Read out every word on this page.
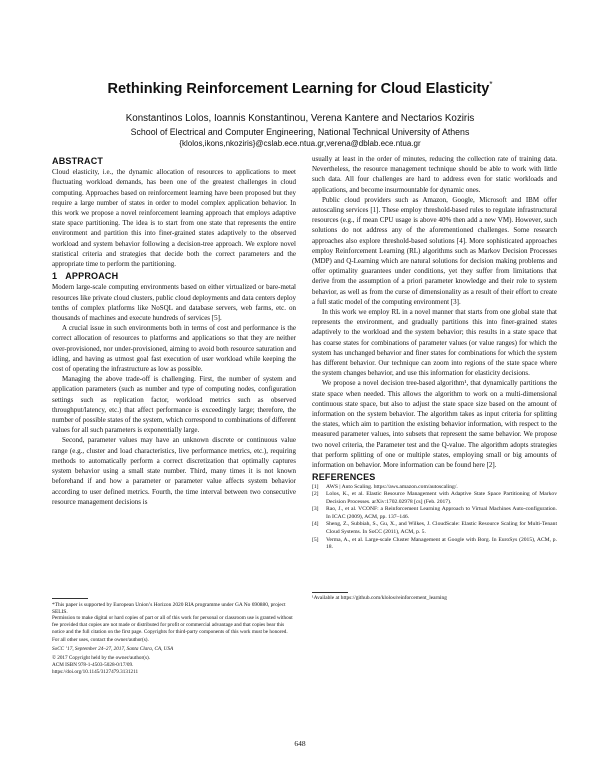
Rethinking Reinforcement Learning for Cloud Elasticity*
Konstantinos Lolos, Ioannis Konstantinou, Verena Kantere and Nectarios Koziris
School of Electrical and Computer Engineering, National Technical University of Athens
{klolos,ikons,nkoziris}@cslab.ece.ntua.gr,verena@dblab.ece.ntua.gr
ABSTRACT

Cloud elasticity, i.e., the dynamic allocation of resources to applications to meet fluctuating workload demands, has been one of the greatest challenges in cloud computing. Approaches based on reinforcement learning have been proposed but they require a large number of states in order to model complex application behavior. In this work we propose a novel reinforcement learning approach that employs adaptive state space partitioning. The idea is to start from one state that represents the entire environment and partition this into finer-grained states adaptively to the observed workload and system behavior following a decision-tree approach. We explore novel statistical criteria and strategies that decide both the correct parameters and the appropriate time to perform the partitioning.

1 APPROACH

Modern large-scale computing environments based on either virtualized or bare-metal resources like private cloud clusters, public cloud deployments and data centers deploy tenths of complex platforms like NoSQL and database servers, web farms, etc. on thousands of machines and execute hundreds of services [5].

A crucial issue in such environments both in terms of cost and performance is the correct allocation of resources to platforms and applications so that they are neither over-provisioned, nor under-provisioned, aiming to avoid both resource saturation and idling, and having as utmost goal fast execution of user workload while keeping the cost of operating the infrastructure as low as possible.

Managing the above trade-off is challenging. First, the number of system and application parameters (such as number and type of computing nodes, configuration settings such as replication factor, workload metrics such as observed throughput/latency, etc.) that affect performance is exceedingly large; therefore, the number of possible states of the system, which correspond to combinations of different values for all such parameters is exponentially large.

Second, parameter values may have an unknown discrete or continuous value range (e.g., cluster and load characteristics, live performance metrics, etc.), requiring methods to automatically perform a correct discretization that optimally captures system behavior using a small state number. Third, many times it is not known beforehand if and how a parameter or parameter value affects system behavior according to user defined metrics. Fourth, the time interval between two consecutive resource management decisions is

*This paper is supported by European Union’s Horizon 2020 RIA programme under GA No 690880, project SELIS.

Permission to make digital or hard copies of part or all of this work for personal or classroom use is granted without fee provided that copies are not made or distributed for profit or commercial advantage and that copies bear this notice and the full citation on the first page. Copyrights for third-party components of this work must be honored. For all other uses, contact the owner/author(s).

SoCC ’17, September 24–27, 2017, Santa Clara, CA, USA

© 2017 Copyright held by the owner/author(s).

ACM ISBN 978-1-4503-5028-0/17/09.

https://doi.org/10.1145/3127479.3131211

usually at least in the order of minutes, reducing the collection rate of training data. Nevertheless, the resource management technique should be able to work with little such data. All four challenges are hard to address even for static workloads and applications, and become insurmountable for dynamic ones.

Public cloud providers such as Amazon, Google, Microsoft and IBM offer autoscaling services [1]. These employ threshold-based rules to regulate infrastructural resources (e.g., if mean CPU usage is above 40% then add a new VM). However, such solutions do not address any of the aforementioned challenges. Some research approaches also explore threshold-based solutions [4]. More sophisticated approaches employ Reinforcement Learning (RL) algorithms such as Markov Decision Processes (MDP) and Q-Learning which are natural solutions for decision making problems and offer optimality guarantees under conditions, yet they suffer from limitations that derive from the assumption of a priori parameter knowledge and their role to system behavior, as well as from the curse of dimensionality as a result of their effort to create a full static model of the computing environment [3].

In this work we employ RL in a novel manner that starts from one global state that represents the environment, and gradually partitions this into finer-grained states adaptively to the workload and the system behavior; this results in a state space that has coarse states for combinations of parameter values (or value ranges) for which the system has unchanged behavior and finer states for combinations for which the system has different behavior. Our technique can zoom into regions of the state space where the system changes behavior, and use this information for elasticity decisions.

We propose a novel decision tree-based algorithm¹, that dynamically partitions the state space when needed. This allows the algorithm to work on a multi-dimensional continuous state space, but also to adjust the state space size based on the amount of information on the system behavior. The algorithm takes as input criteria for splitting the states, which aim to partition the existing behavior information, with respect to the measured parameter values, into subsets that represent the same behavior. We propose two novel criteria, the Parameter test and the Q-value. The algorithm adopts strategies that perform splitting of one or multiple states, employing small or big amounts of information on behavior. More information can be found here [2].

REFERENCES
[1]	AWS | Auto Scaling. https://aws.amazon.com/autoscaling/.
[2]	Lolos, K., et al. Elastic Resource Management with Adaptive State Space Partitioning of Markov Decision Processes. arXiv:1702.02978 [cs] (Feb. 2017).
[3]	Rao, J., et al. VCONF: a Reinforcement Learning Approach to Virtual Machines Auto-configuration. In ICAC (2009), ACM, pp. 137–146.
[4]	Sheng, Z., Subbiah, S., Gu, X., and Wilkes, J. CloudScale: Elastic Resource Scaling for Multi-Tenant Cloud Systems. In SoCC (2011), ACM, p. 5.
[5]	Verma, A., et al. Large-scale Cluster Management at Google with Borg. In EuroSys (2015), ACM, p. 18.
¹Available at https://github.com/klolos/reinforcement_learning
648
